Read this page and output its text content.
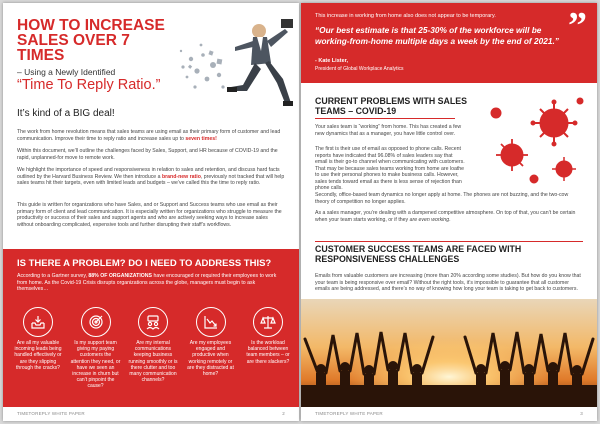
HOW TO INCREASE SALES OVER 7 TIMES
– Using a Newly Identified
“Time To Reply Ratio.”
It’s kind of a BIG deal!
The work from home revolution means that sales teams are using email as their primary form of customer and lead communication. Improve their time to reply ratio and increase sales up to seven times!
Within this document, we’ll outline the challenges faced by Sales, Support, and HR because of COVID-19 and the rapid, unplanned-for move to remote work.
We highlight the importance of speed and responsiveness in relation to sales and retention, and discuss hard facts outlined by the Harvard Business Review. We then introduce a brand-new ratio, previously not tracked that will help sales teams hit their targets, even with limited leads and budgets – we’ve called this the time to reply ratio.
This guide is written for organizations who have Sales, and or Support and Success teams who use email as their primary form of client and lead communication. It is especially written for organizations who struggle to measure the productivity or success of their sales and support agents and who are actively seeking ways to increase sales without onboarding complicated, expensive tools and further disrupting their staff’s workflows.
IS THERE A PROBLEM? DO I NEED TO ADDRESS THIS?
According to a Gartner survey, 88% OF ORGANIZATIONS have encouraged or required their employees to work from home. As the Covid-19 Crisis disrupts organizations across the globe, managers must begin to ask themselves…
Are all my valuable incoming leads being handled effectively or are they slipping through the cracks?
Is my support team giving my paying customers the attention they need, or have we seen an increase in churn but can’t pinpoint the cause?
Are my internal communications keeping business running smoothly or is there clutter and too many communication channels?
Are my employees engaged and productive when working remotely or are they distracted at home?
Is the workload balanced between team members – or are there slackers?
TIMETOREPLY WHITE PAPER	2
This increase in working from home also does not appear to be temporary.
“Our best estimate is that 25-30% of the workforce will be working-from-home multiple days a week by the end of 2021.”
- Kate Lister,
President of Global Workplace Analytics
”
CURRENT PROBLEMS WITH SALES TEAMS – COVID-19
Your sales team is “working” from home. This has created a few new dynamics that as a manager, you have little control over.
The first is their use of email as opposed to phone calls. Recent reports have indicated that 96.08% of sales leaders say that email is their go-to channel when communicating with customers. That may be because sales teams working from home are loathe to use their personal phones to make business calls. However, sales tends toward email as there is less sense of rejection than phone calls.
Secondly, office-based team dynamics no longer apply at home. The phones are not buzzing, and the two-cow theory of competition no longer applies.
As a sales manager, you’re dealing with a dampened competitive atmosphere. On top of that, you can’t be certain when your team starts working, or if they are even working.
CUSTOMER SUCCESS TEAMS ARE FACED WITH RESPONSIVENESS CHALLENGES
Emails from valuable customers are increasing (more than 20% according some studies). But how do you know that your team is being responsive over email? Without the right tools, it’s impossible to guarantee that all customer emails are being addressed, and there’s no way of knowing how long your team is taking to get back to customers.
TIMETOREPLY WHITE PAPER	3
